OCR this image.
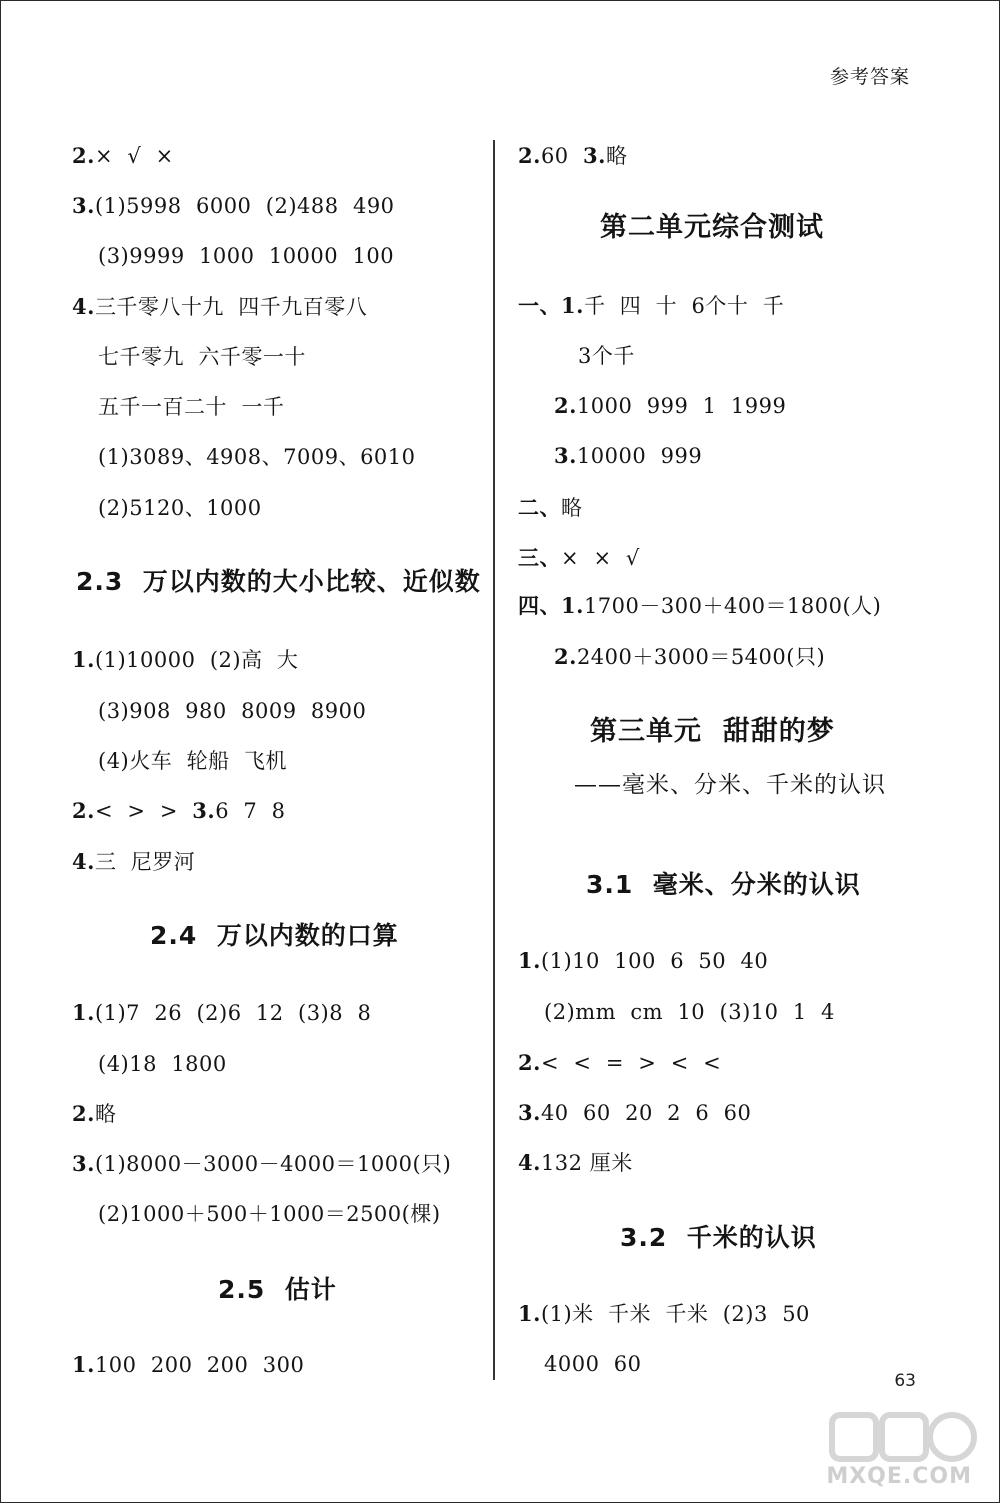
参考答案
2.×  √  ×
3.(1)5998  6000  (2)488  490
(3)9999  1000  10000  100
4.三千零八十九  四千九百零八
七千零九  六千零一十
五千一百二十  一千
(1)3089、4908、7009、6010
(2)5120、1000
2.3  万以内数的大小比较、近似数
1.(1)10000  (2)高  大
(3)908  980  8009  8900
(4)火车  轮船  飞机
2.<  >  >  3.6  7  8
4.三  尼罗河
2.4  万以内数的口算
1.(1)7  26  (2)6  12  (3)8  8
(4)18  1800
2.略
3.(1)8000－3000－4000＝1000(只)
(2)1000＋500＋1000＝2500(棵)
2.5  估计
1.100  200  200  300
2.60  3.略
第二单元综合测试
一、1.千  四  十  6个十  千
3个千
2.1000  999  1  1999
3.10000  999
二、略
三、×  ×  √
四、1.1700－300＋400＝1800(人)
2.2400＋3000＝5400(只)
第三单元  甜甜的梦
——毫米、分米、千米的认识
3.1  毫米、分米的认识
1.(1)10  100  6  50  40
(2)mm  cm  10  (3)10  1  4
2.<  <  =  >  <  <
3.40  60  20  2  6  60
4.132 厘米
3.2  千米的认识
1.(1)米  千米  千米  (2)3  50
4000  60
63
MXQE.COM
